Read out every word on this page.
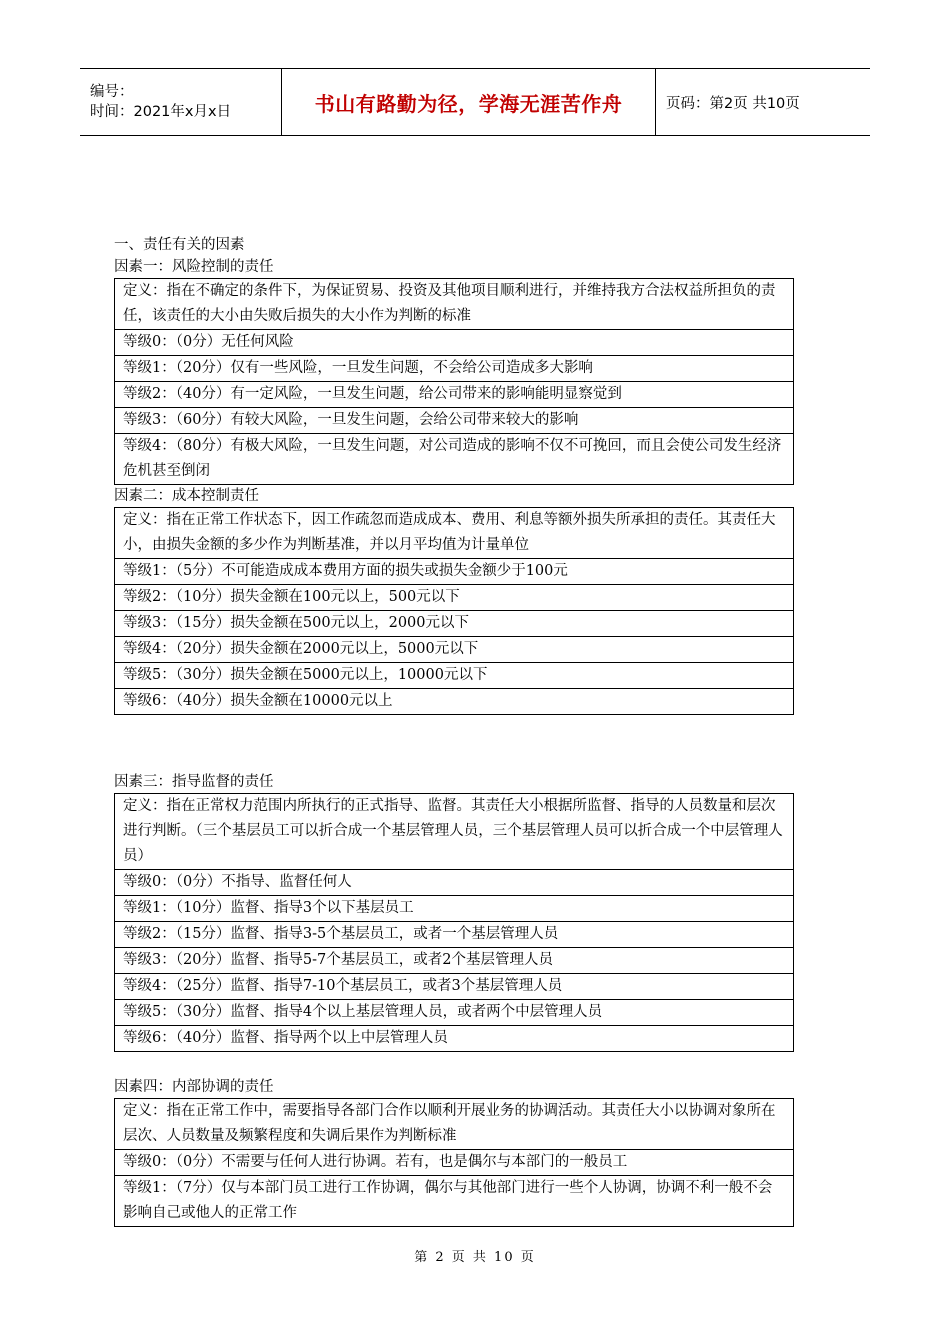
编号：
时间：2021年x月x日	书山有路勤为径，学海无涯苦作舟	页码：第2页 共10页
一、责任有关的因素
因素一：风险控制的责任
定义：指在不确定的条件下，为保证贸易、投资及其他项目顺利进行，并维持我方合法权益所担负的责任，该责任的大小由失败后损失的大小作为判断的标准
等级0：（0分）无任何风险
等级1：（20分）仅有一些风险，一旦发生问题，不会给公司造成多大影响
等级2：（40分）有一定风险，一旦发生问题，给公司带来的影响能明显察觉到
等级3：（60分）有较大风险，一旦发生问题，会给公司带来较大的影响
等级4：（80分）有极大风险，一旦发生问题，对公司造成的影响不仅不可挽回，而且会使公司发生经济危机甚至倒闭
因素二：成本控制责任
定义：指在正常工作状态下，因工作疏忽而造成成本、费用、利息等额外损失所承担的责任。其责任大小，由损失金额的多少作为判断基准，并以月平均值为计量单位
等级1：（5分）不可能造成成本费用方面的损失或损失金额少于100元
等级2：（10分）损失金额在100元以上，500元以下
等级3：（15分）损失金额在500元以上，2000元以下
等级4：（20分）损失金额在2000元以上，5000元以下
等级5：（30分）损失金额在5000元以上，10000元以下
等级6：（40分）损失金额在10000元以上
因素三：指导监督的责任
定义：指在正常权力范围内所执行的正式指导、监督。其责任大小根据所监督、指导的人员数量和层次进行判断。（三个基层员工可以折合成一个基层管理人员，三个基层管理人员可以折合成一个中层管理人员）
等级0：（0分）不指导、监督任何人
等级1：（10分）监督、指导3个以下基层员工
等级2：（15分）监督、指导3-5个基层员工，或者一个基层管理人员
等级3：（20分）监督、指导5-7个基层员工，或者2个基层管理人员
等级4：（25分）监督、指导7-10个基层员工，或者3个基层管理人员
等级5：（30分）监督、指导4个以上基层管理人员，或者两个中层管理人员
等级6：（40分）监督、指导两个以上中层管理人员
因素四：内部协调的责任
定义：指在正常工作中，需要指导各部门合作以顺利开展业务的协调活动。其责任大小以协调对象所在层次、人员数量及频繁程度和失调后果作为判断标准
等级0：（0分）不需要与任何人进行协调。若有，也是偶尔与本部门的一般员工
等级1：（7分）仅与本部门员工进行工作协调，偶尔与其他部门进行一些个人协调，协调不利一般不会影响自己或他人的正常工作
第 2 页 共 10 页
